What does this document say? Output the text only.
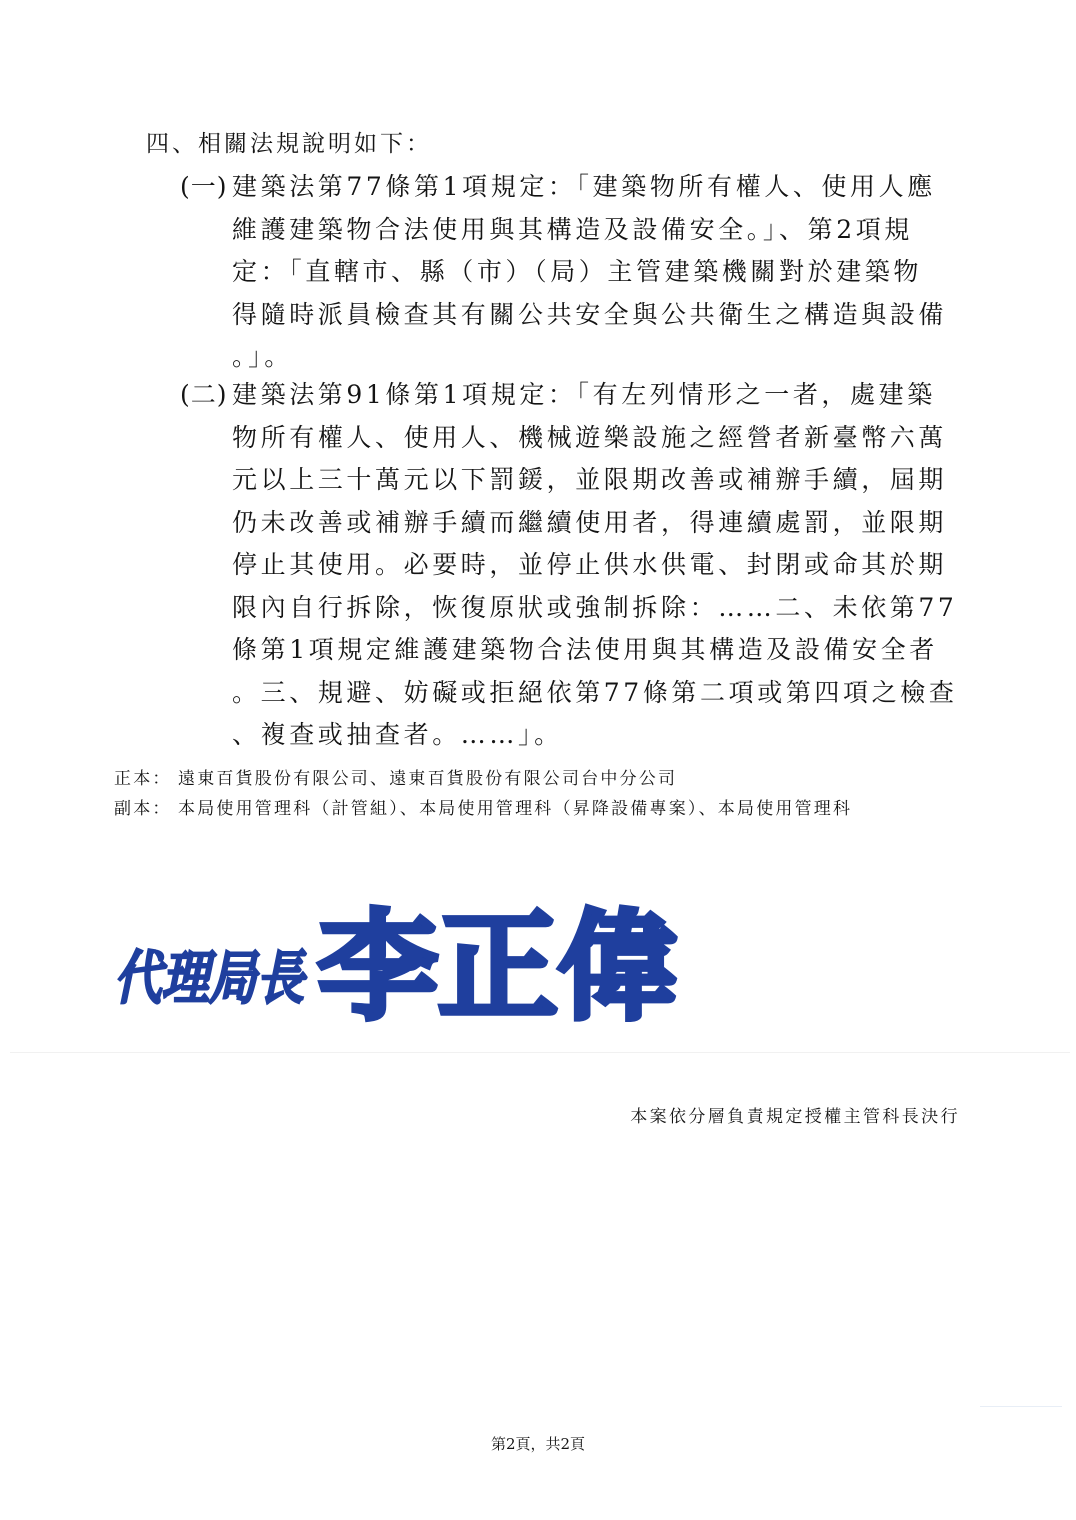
四、相關法規說明如下：
(一) 建築法第77條第1項規定：「建築物所有權人、使用人應
維護建築物合法使用與其構造及設備安全。」、第2項規
定：「直轄市、縣（市）（局）主管建築機關對於建築物
得隨時派員檢查其有關公共安全與公共衛生之構造與設備
。」。
(二) 建築法第91條第1項規定：「有左列情形之一者，處建築
物所有權人、使用人、機械遊樂設施之經營者新臺幣六萬
元以上三十萬元以下罰鍰，並限期改善或補辦手續，屆期
仍未改善或補辦手續而繼續使用者，得連續處罰，並限期
停止其使用。必要時，並停止供水供電、封閉或命其於期
限內自行拆除，恢復原狀或強制拆除：……二、未依第77
條第1項規定維護建築物合法使用與其構造及設備安全者
。三、規避、妨礙或拒絕依第77條第二項或第四項之檢查
、複查或抽查者。……」。
正本： 遠東百貨股份有限公司、遠東百貨股份有限公司台中分公司
副本： 本局使用管理科（計管組）、本局使用管理科（昇降設備專案）、本局使用管理科
代理局長 李正偉
本案依分層負責規定授權主管科長決行
第2頁，共2頁
